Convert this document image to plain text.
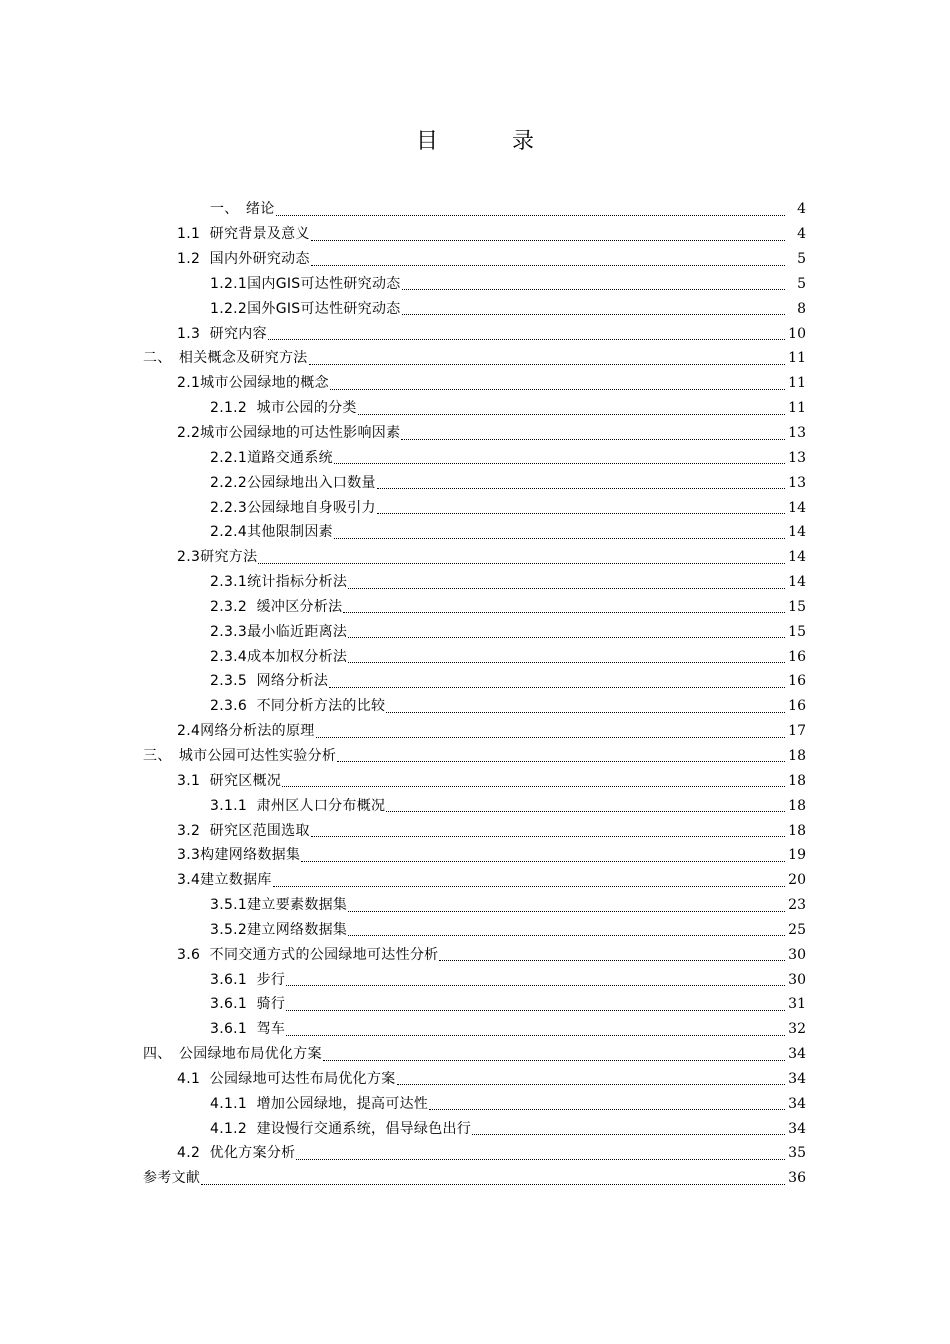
目　录
一、　绪论	4
1.1  研究背景及意义	4
1.2  国内外研究动态	5
1.2.1国内GIS可达性研究动态	5
1.2.2国外GIS可达性研究动态	8
1.3  研究内容	10
二、　相关概念及研究方法	11
2.1城市公园绿地的概念	11
2.1.2  城市公园的分类	11
2.2城市公园绿地的可达性影响因素	13
2.2.1道路交通系统	13
2.2.2公园绿地出入口数量	13
2.2.3公园绿地自身吸引力	14
2.2.4其他限制因素	14
2.3研究方法	14
2.3.1统计指标分析法	14
2.3.2  缓冲区分析法	15
2.3.3最小临近距离法	15
2.3.4成本加权分析法	16
2.3.5  网络分析法	16
2.3.6  不同分析方法的比较	16
2.4网络分析法的原理	17
三、　城市公园可达性实验分析	18
3.1  研究区概况	18
3.1.1  肃州区人口分布概况	18
3.2  研究区范围选取	18
3.3构建网络数据集	19
3.4建立数据库	20
3.5.1建立要素数据集	23
3.5.2建立网络数据集	25
3.6  不同交通方式的公园绿地可达性分析	30
3.6.1  步行	30
3.6.1  骑行	31
3.6.1  驾车	32
四、　公园绿地布局优化方案	34
4.1  公园绿地可达性布局优化方案	34
4.1.1  增加公园绿地，提高可达性	34
4.1.2  建设慢行交通系统，倡导绿色出行	34
4.2  优化方案分析	35
参考文献	36
